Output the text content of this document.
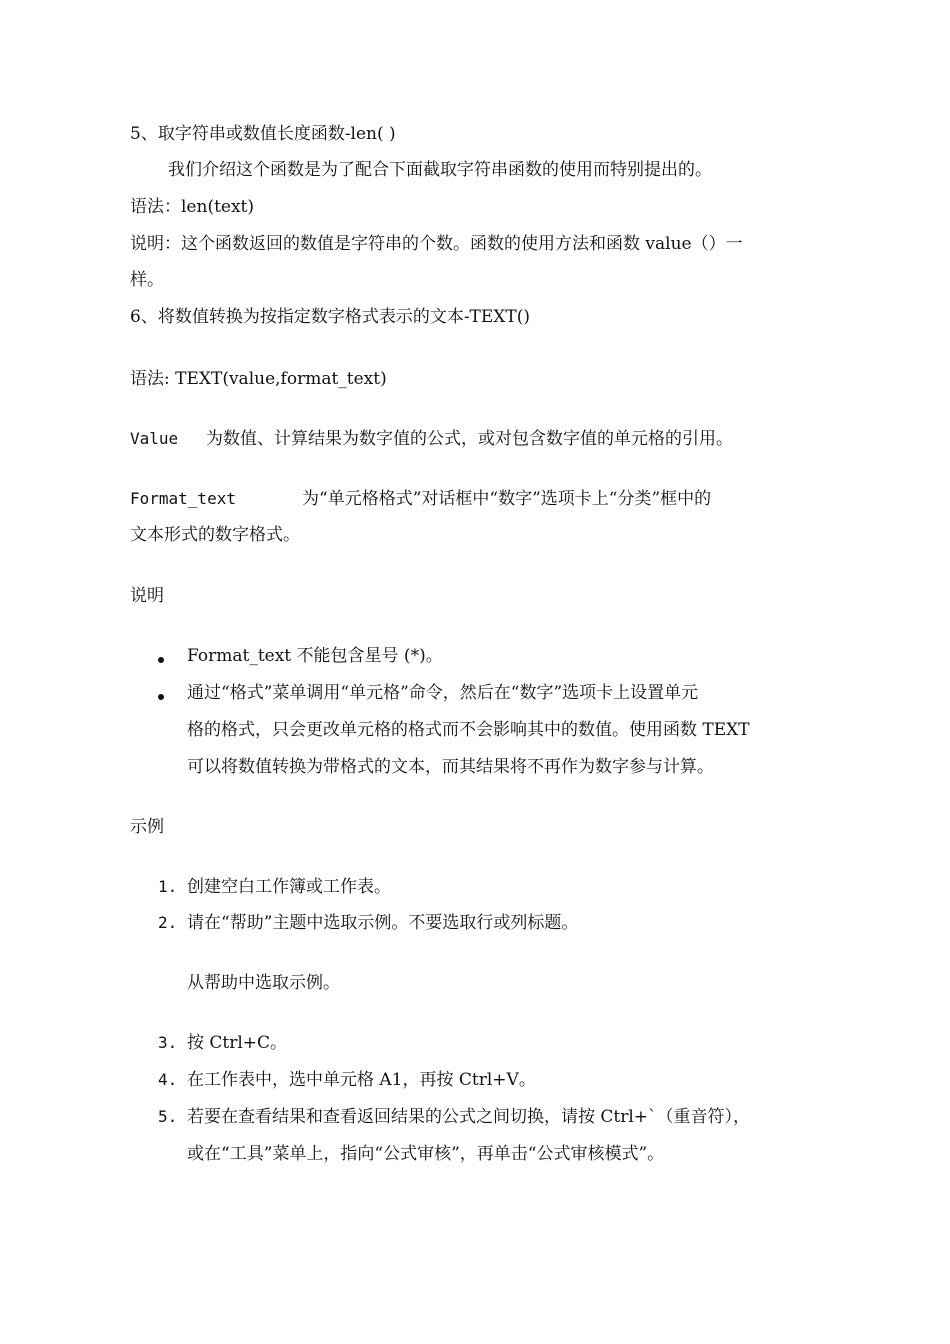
5、取字符串或数值长度函数-len( )
我们介绍这个函数是为了配合下面截取字符串函数的使用而特别提出的。
语法：len(text)
说明：这个函数返回的数值是字符串的个数。函数的使用方法和函数 value（）一
样。
6、将数值转换为按指定数字格式表示的文本-TEXT()
语法: TEXT(value,format_text)
Value 为数值、计算结果为数字值的公式，或对包含数字值的单元格的引用。
Format_text	为“单元格格式”对话框中“数字”选项卡上“分类”框中的
文本形式的数字格式。
说明
Format_text 不能包含星号 (*)。
通过“格式”菜单调用“单元格”命令，然后在“数字”选项卡上设置单元
格的格式，只会更改单元格的格式而不会影响其中的数值。使用函数 TEXT
可以将数值转换为带格式的文本，而其结果将不再作为数字参与计算。
示例
1. 创建空白工作簿或工作表。
2. 请在“帮助”主题中选取示例。不要选取行或列标题。
从帮助中选取示例。
3. 按 Ctrl+C。
4. 在工作表中，选中单元格 A1，再按 Ctrl+V。
5. 若要在查看结果和查看返回结果的公式之间切换，请按 Ctrl+`（重音符），
或在“工具”菜单上，指向“公式审核”，再单击“公式审核模式”。
